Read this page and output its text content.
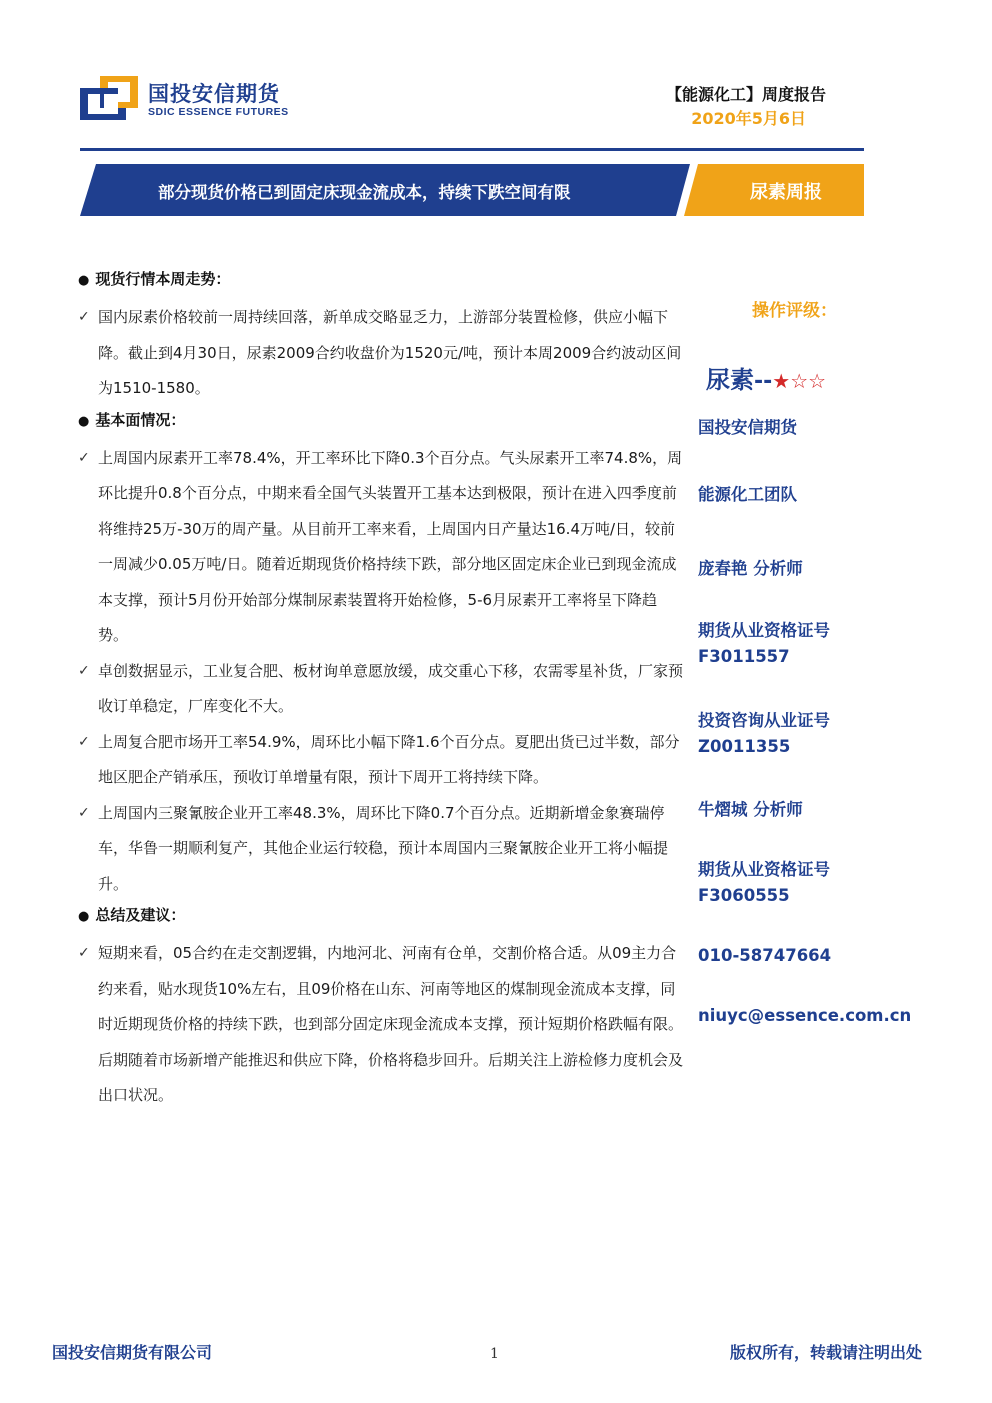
国投安信期货
SDIC ESSENCE FUTURES
【能源化工】周度报告
2020年5月6日
部分现货价格已到固定床现金流成本，持续下跌空间有限	尿素周报
● 现货行情本周走势：
✓ 国内尿素价格较前一周持续回落，新单成交略显乏力，上游部分装置检修，供应小幅下降。截止到4月30日，尿素2009合约收盘价为1520元/吨，预计本周2009合约波动区间为1510-1580。
● 基本面情况：
✓ 上周国内尿素开工率78.4%，开工率环比下降0.3个百分点。气头尿素开工率74.8%，周环比提升0.8个百分点，中期来看全国气头装置开工基本达到极限，预计在进入四季度前将维持25万-30万的周产量。从目前开工率来看，上周国内日产量达16.4万吨/日，较前一周减少0.05万吨/日。随着近期现货价格持续下跌，部分地区固定床企业已到现金流成本支撑，预计5月份开始部分煤制尿素装置将开始检修，5-6月尿素开工率将呈下降趋势。
✓ 卓创数据显示，工业复合肥、板材询单意愿放缓，成交重心下移，农需零星补货，厂家预收订单稳定，厂库变化不大。
✓ 上周复合肥市场开工率54.9%，周环比小幅下降1.6个百分点。夏肥出货已过半数，部分地区肥企产销承压，预收订单增量有限，预计下周开工将持续下降。
✓ 上周国内三聚氰胺企业开工率48.3%，周环比下降0.7个百分点。近期新增金象赛瑞停车，华鲁一期顺利复产，其他企业运行较稳，预计本周国内三聚氰胺企业开工将小幅提升。
● 总结及建议：
✓ 短期来看，05合约在走交割逻辑，内地河北、河南有仓单，交割价格合适。从09主力合约来看，贴水现货10%左右，且09价格在山东、河南等地区的煤制现金流成本支撑，同时近期现货价格的持续下跌，也到部分固定床现金流成本支撑，预计短期价格跌幅有限。后期随着市场新增产能推迟和供应下降，价格将稳步回升。后期关注上游检修力度机会及出口状况。
操作评级：
尿素--★☆☆
国投安信期货
能源化工团队
庞春艳 分析师
期货从业资格证号
F3011557
投资咨询从业证号
Z0011355
牛熠城 分析师
期货从业资格证号
F3060555
010-58747664
niuyc@essence.com.cn
国投安信期货有限公司	1	版权所有，转载请注明出处
